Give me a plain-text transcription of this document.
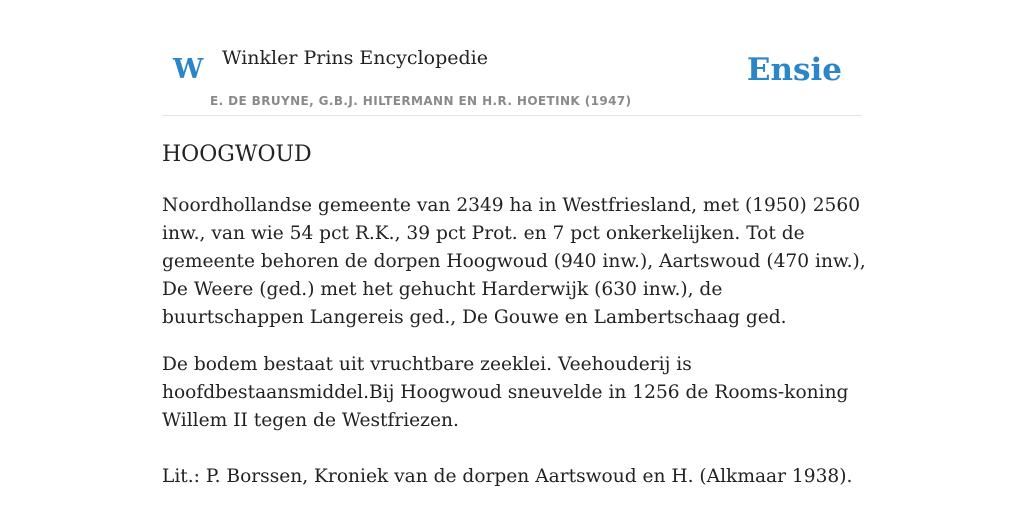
W Winkler Prins Encyclopedie
E. DE BRUYNE, G.B.J. HILTERMANN EN H.R. HOETINK (1947)
Ensie
HOOGWOUD

Noordhollandse gemeente van 2349 ha in Westfriesland, met (1950) 2560 inw., van wie 54 pct R.K., 39 pct Prot. en 7 pct onkerkelijken. Tot de gemeente behoren de dorpen Hoogwoud (940 inw.), Aartswoud (470 inw.), De Weere (ged.) met het gehucht Harderwijk (630 inw.), de buurtschappen Langereis ged., De Gouwe en Lambertschaag ged.

De bodem bestaat uit vruchtbare zeeklei. Veehouderij is hoofdbestaansmiddel.Bij Hoogwoud sneuvelde in 1256 de Rooms-koning Willem II tegen de Westfriezen.

Lit.: P. Borssen, Kroniek van de dorpen Aartswoud en H. (Alkmaar 1938).
